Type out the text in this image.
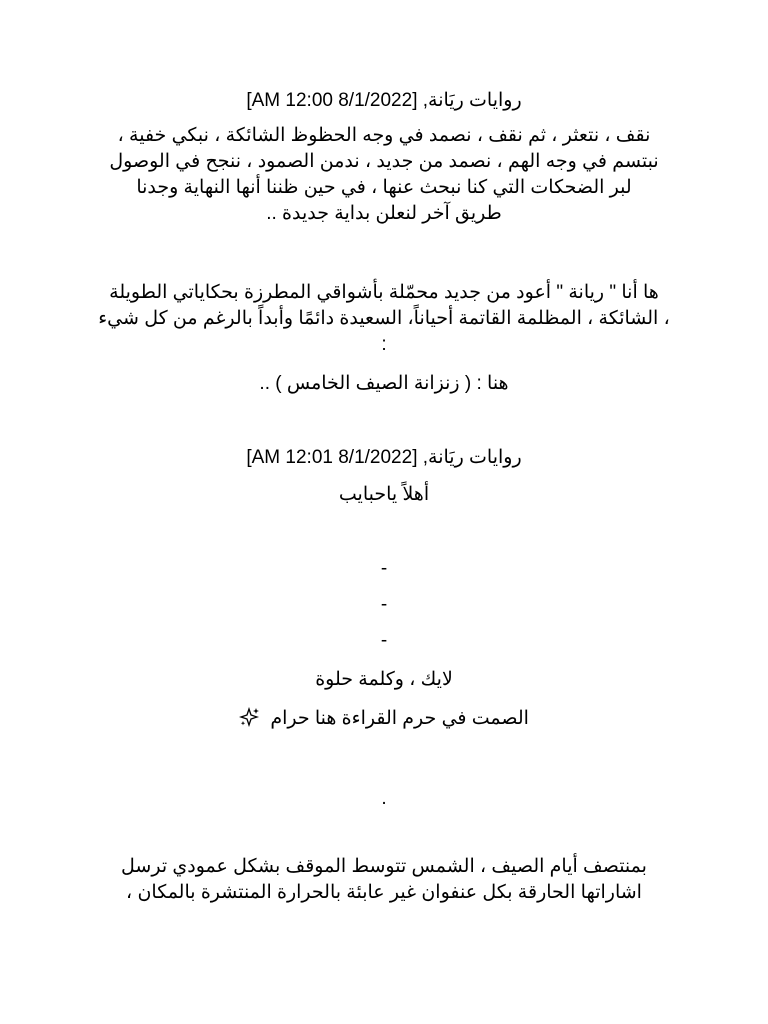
روايات ريَانة, [8/1/2022 12:00 AM]
نقف ، نتعثر ، ثم نقف ، نصمد في وجه الحظوظ الشائكة ، نبكي خفية ،
نبتسم في وجه الهم ، نصمد من جديد ، ندمن الصمود ، ننجح في الوصول
لبر الضحكات التي كنا نبحث عنها ، في حين ظننا أنها النهاية وجدنا
طريق آخر لنعلن بداية جديدة ..
ها أنا " ريانة " أعود من جديد محمّلة بأشواقي المطرزة بحكاياتي الطويلة
، الشائكة ، المظلمة القاتمة أحياناً، السعيدة دائمًا وأبداً بالرغم من كل شيء
:
هنا : ( زنزانة الصيف الخامس ) ..
روايات ريَانة, [8/1/2022 12:01 AM]
أهلاً ياحبايب
-
-
-
لايك ، وكلمة حلوة
الصمت في حرم القراءة هنا حرام
.
بمنتصف أيام الصيف ، الشمس تتوسط الموقف بشكل عمودي ترسل
اشاراتها الحارقة بكل عنفوان غير عابئة بالحرارة المنتشرة بالمكان ،
